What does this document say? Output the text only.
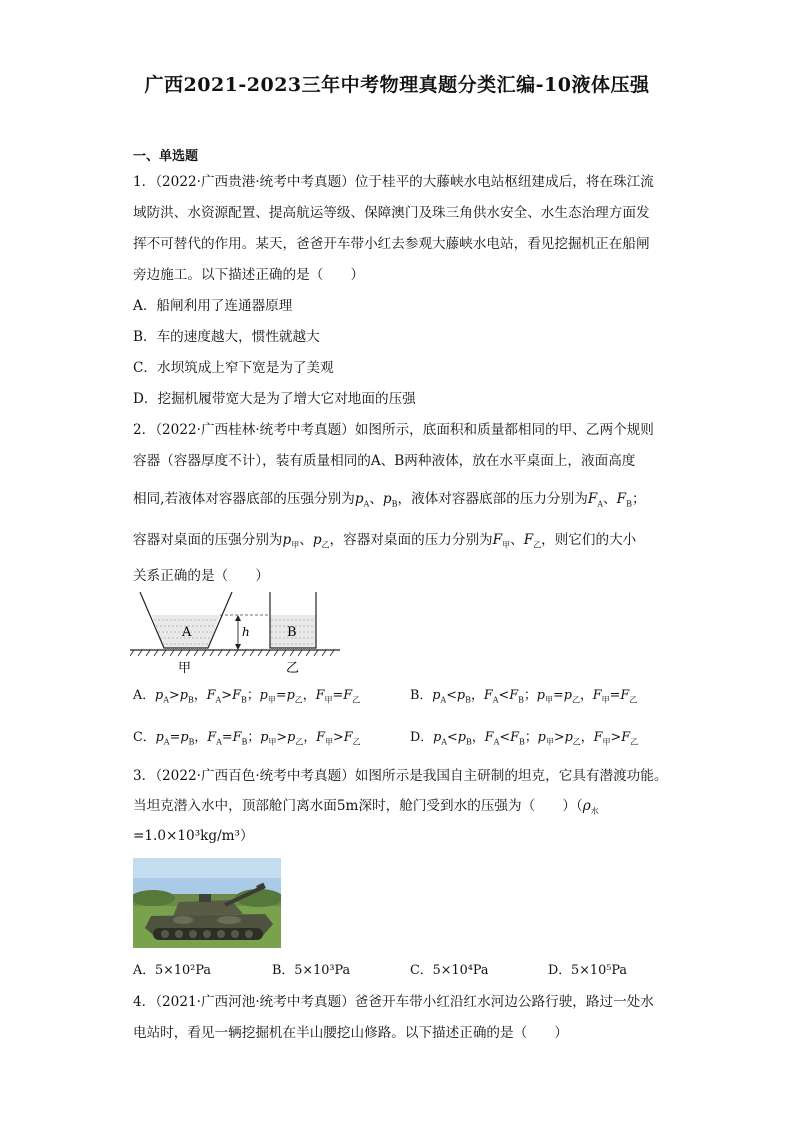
广西2021-2023三年中考物理真题分类汇编-10液体压强
一、单选题
1．（2022·广西贵港·统考中考真题）位于桂平的大藤峡水电站枢纽建成后，将在珠江流
域防洪、水资源配置、提高航运等级、保障澳门及珠三角供水安全、水生态治理方面发
挥不可替代的作用。某天，爸爸开车带小红去参观大藤峡水电站，看见挖掘机正在船闸
旁边施工。以下描述正确的是（　　）
A．船闸利用了连通器原理
B．车的速度越大，惯性就越大
C．水坝筑成上窄下宽是为了美观
D．挖掘机履带宽大是为了增大它对地面的压强
2．（2022·广西桂林·统考中考真题）如图所示，底面积和质量都相同的甲、乙两个规则
容器（容器厚度不计），装有质量相同的A、B两种液体，放在水平桌面上，液面高度
相同,若液体对容器底部的压强分别为$p_A$、$p_B$，液体对容器底部的压力分别为$F_A$、$F_B$；
容器对桌面的压强分别为$p_甲$、$p_乙$，容器对桌面的压力分别为$F_甲$、$F_乙$，则它们的大小
关系正确的是（　　）
A	h	B
甲	乙
A．$p_A>p_B$，$F_A>F_B$；$p_甲=p_乙$，$F_甲=F_乙$	B．$p_A<p_B$，$F_A<F_B$；$p_甲=p_乙$，$F_甲=F_乙$
C．$p_A=p_B$，$F_A=F_B$；$p_甲>p_乙$，$F_甲>F_乙$	D．$p_A<p_B$，$F_A<F_B$；$p_甲>p_乙$，$F_甲>F_乙$
3．（2022·广西百色·统考中考真题）如图所示是我国自主研制的坦克，它具有潜渡功能。
当坦克潜入水中，顶部舱门离水面5m深时，舱门受到水的压强为（　　）（$\rho_水$
=1.0×10³kg/m³）
A．5×10²Pa	B．5×10³Pa	C．5×10⁴Pa	D．5×10⁵Pa
4．（2021·广西河池·统考中考真题）爸爸开车带小红沿红水河边公路行驶，路过一处水
电站时，看见一辆挖掘机在半山腰挖山修路。以下描述正确的是（　　）
